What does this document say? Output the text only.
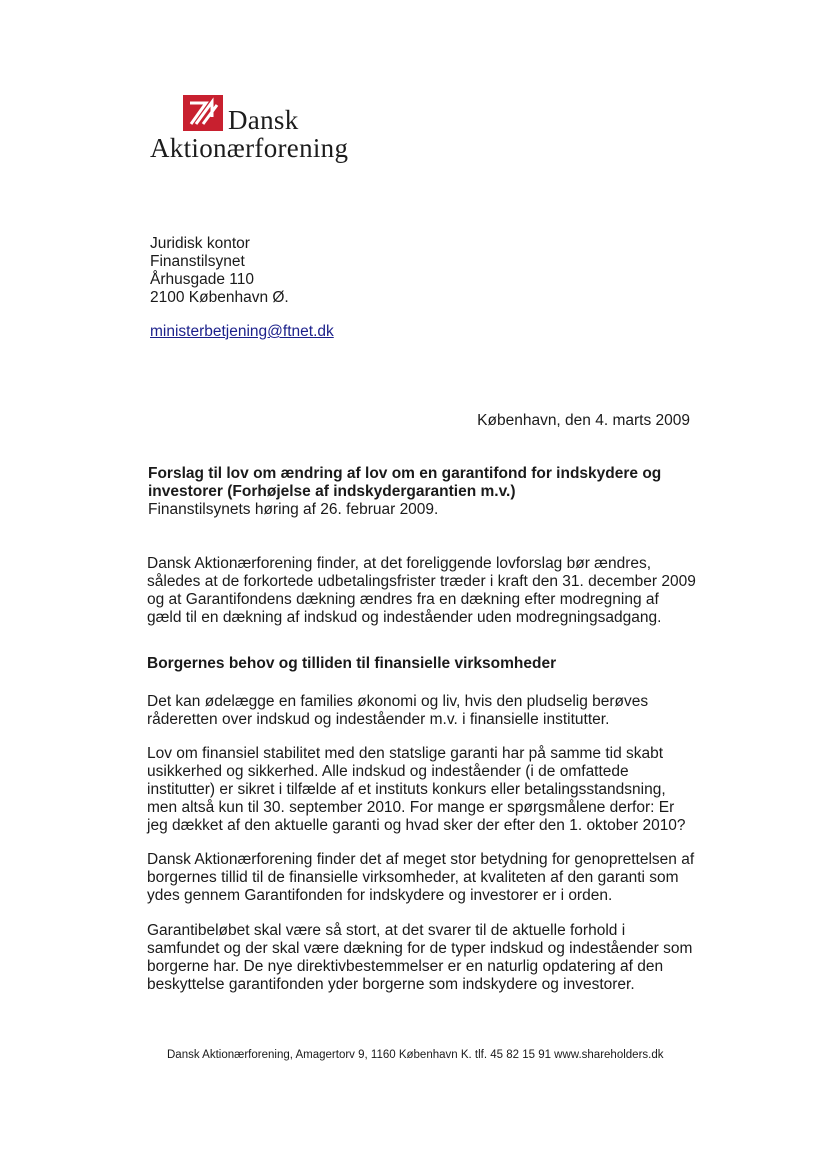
Dansk
Aktionærforening
Juridisk kontor
Finanstilsynet
Århusgade 110
2100 København Ø.
ministerbetjening@ftnet.dk
København, den 4. marts 2009
Forslag til lov om ændring af lov om en garantifond for indskydere og
investorer (Forhøjelse af indskydergarantien m.v.)
Finanstilsynets høring af 26. februar 2009.
Dansk Aktionærforening finder, at det foreliggende lovforslag bør ændres,
således at de forkortede udbetalingsfrister træder i kraft den 31. december 2009
og at Garantifondens dækning ændres fra en dækning efter modregning af
gæld til en dækning af indskud og indeståender uden modregningsadgang.
Borgernes behov og tilliden til finansielle virksomheder
Det kan ødelægge en families økonomi og liv, hvis den pludselig berøves
råderetten over indskud og indeståender m.v. i finansielle institutter.
Lov om finansiel stabilitet med den statslige garanti har på samme tid skabt
usikkerhed og sikkerhed. Alle indskud og indeståender (i de omfattede
institutter) er sikret i tilfælde af et instituts konkurs eller betalingsstandsning,
men altså kun til 30. september 2010. For mange er spørgsmålene derfor: Er
jeg dækket af den aktuelle garanti og hvad sker der efter den 1. oktober 2010?
Dansk Aktionærforening finder det af meget stor betydning for genoprettelsen af
borgernes tillid til de finansielle virksomheder, at kvaliteten af den garanti som
ydes gennem Garantifonden for indskydere og investorer er i orden.
Garantibeløbet skal være så stort, at det svarer til de aktuelle forhold i
samfundet og der skal være dækning for de typer indskud og indeståender som
borgerne har. De nye direktivbestemmelser er en naturlig opdatering af den
beskyttelse garantifonden yder borgerne som indskydere og investorer.
Dansk Aktionærforening, Amagertorv 9, 1160 København K. tlf. 45 82 15 91 www.shareholders.dk
